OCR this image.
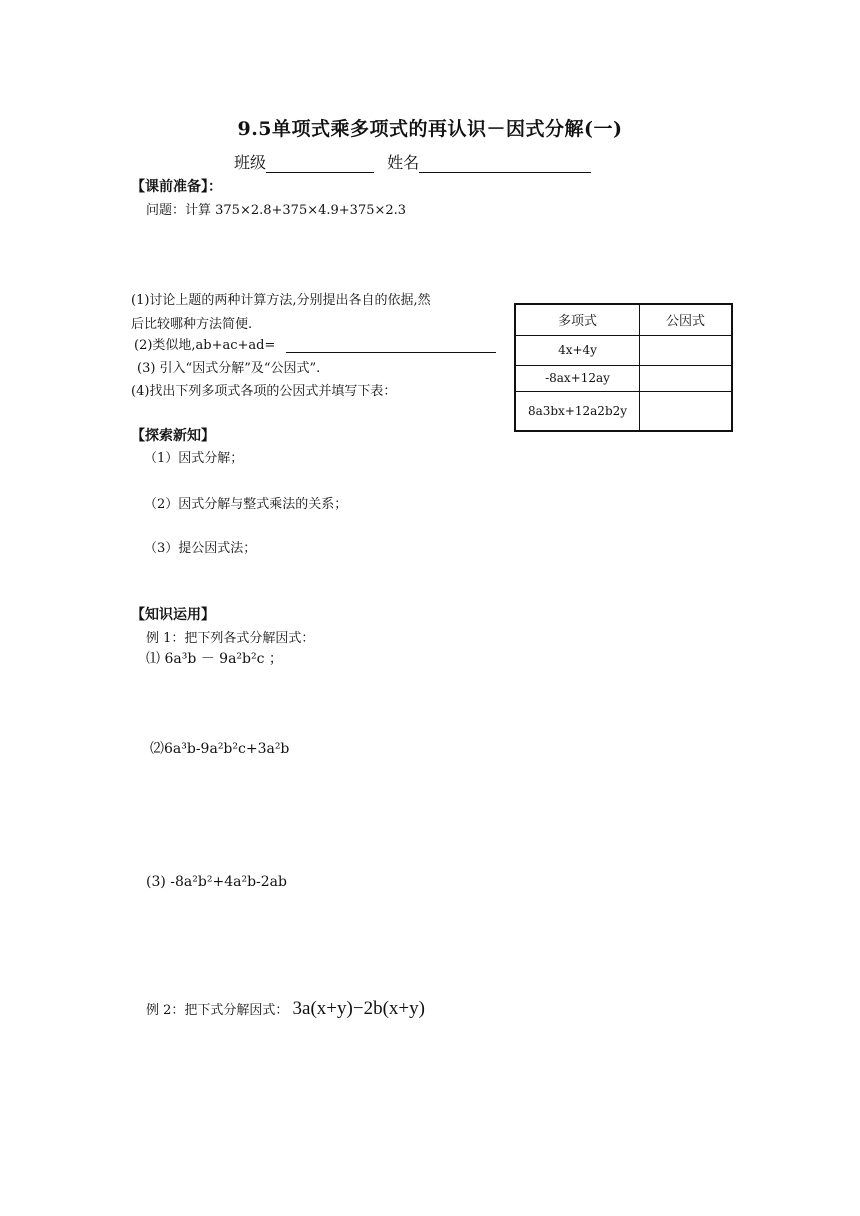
9.5单项式乘多项式的再认识－因式分解(一)
班级	姓名
【课前准备】：
问题：计算 375×2.8+375×4.9+375×2.3
(1)讨论上题的两种计算方法,分别提出各自的依据,然
后比较哪种方法简便.
(2)类似地,ab+ac+ad=
(3) 引入“因式分解”及“公因式”.
(4)找出下列多项式各项的公因式并填写下表：
多项式	公因式
4x+4y	
-8ax+12ay	
8a3bx+12a2b2y	
【探索新知】
（1）因式分解；
（2）因式分解与整式乘法的关系；
（3）提公因式法；
【知识运用】
例 1：把下列各式分解因式：
⑴ 6a³b － 9a²b²c ；
⑵6a³b-9a²b²c+3a²b
(3) -8a²b²+4a²b-2ab
例 2：把下式分解因式： 3a(x+y)−2b(x+y)
